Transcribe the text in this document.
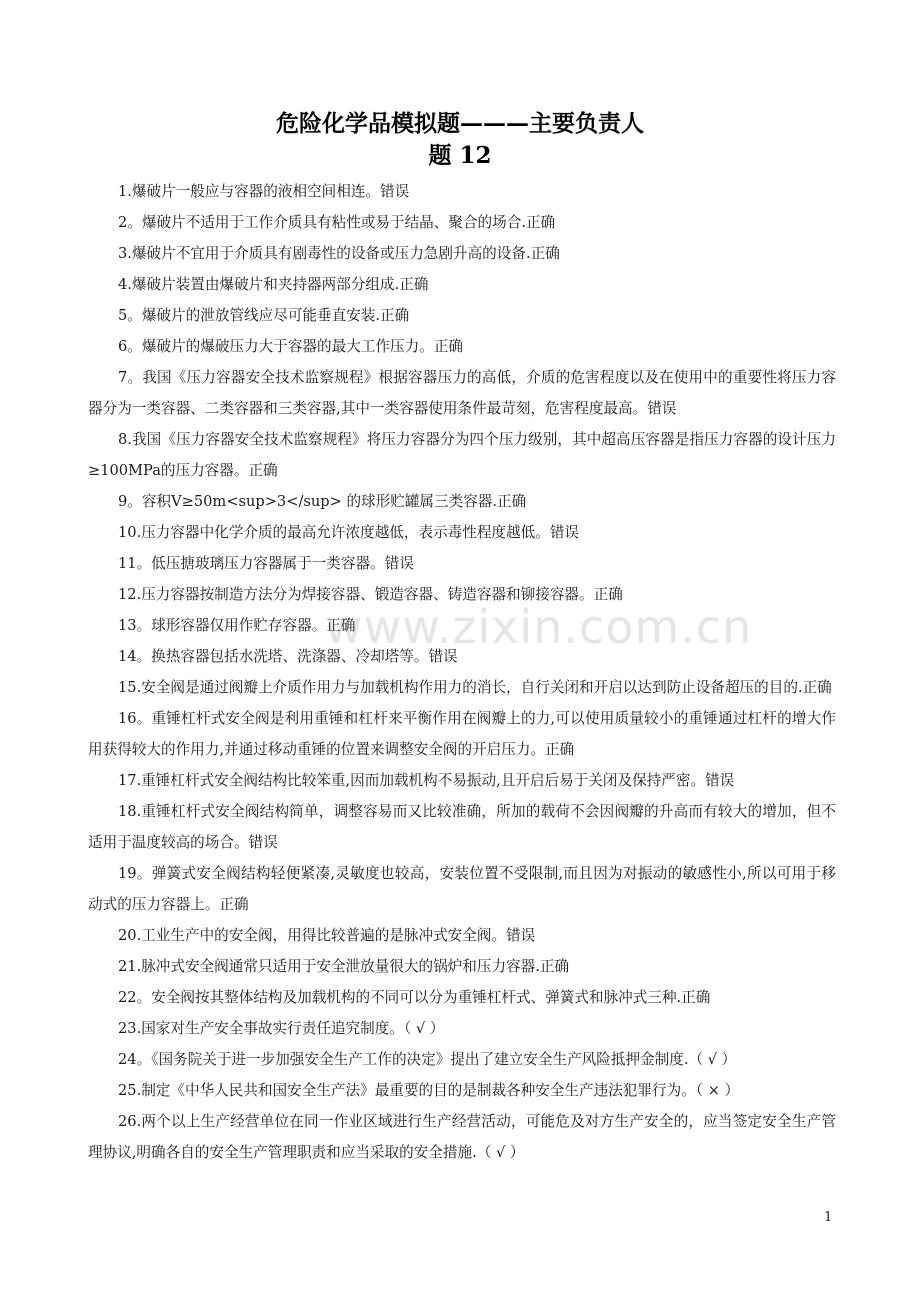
www.zixin.com.cn
危险化学品模拟题———主要负责人
题 12

1.爆破片一般应与容器的液相空间相连。错误

2。爆破片不适用于工作介质具有粘性或易于结晶、聚合的场合.正确

3.爆破片不宜用于介质具有剧毒性的设备或压力急剧升高的设备.正确

4.爆破片装置由爆破片和夹持器两部分组成.正确

5。爆破片的泄放管线应尽可能垂直安装.正确

6。爆破片的爆破压力大于容器的最大工作压力。正确

7。我国《压力容器安全技术监察规程》根据容器压力的高低，介质的危害程度以及在使用中的重要性将压力容器分为一类容器、二类容器和三类容器,其中一类容器使用条件最苛刻，危害程度最高。错误

8.我国《压力容器安全技术监察规程》将压力容器分为四个压力级别，其中超高压容器是指压力容器的设计压力≥100MPa的压力容器。正确

9。容积V≥50m<sup>3</sup> 的球形贮罐属三类容器.正确

10.压力容器中化学介质的最高允许浓度越低，表示毒性程度越低。错误

11。低压搪玻璃压力容器属于一类容器。错误

12.压力容器按制造方法分为焊接容器、锻造容器、铸造容器和铆接容器。正确

13。球形容器仅用作贮存容器。正确

14。换热容器包括水洗塔、洗涤器、冷却塔等。错误

15.安全阀是通过阀瓣上介质作用力与加载机构作用力的消长，自行关闭和开启以达到防止设备超压的目的.正确

16。重锤杠杆式安全阀是利用重锤和杠杆来平衡作用在阀瓣上的力,可以使用质量较小的重锤通过杠杆的增大作用获得较大的作用力,并通过移动重锤的位置来调整安全阀的开启压力。正确

17.重锤杠杆式安全阀结构比较笨重,因而加载机构不易振动,且开启后易于关闭及保持严密。错误

18.重锤杠杆式安全阀结构简单，调整容易而又比较准确，所加的载荷不会因阀瓣的升高而有较大的增加，但不适用于温度较高的场合。错误

19。弹簧式安全阀结构轻便紧凑,灵敏度也较高，安装位置不受限制,而且因为对振动的敏感性小,所以可用于移动式的压力容器上。正确

20.工业生产中的安全阀，用得比较普遍的是脉冲式安全阀。错误

21.脉冲式安全阀通常只适用于安全泄放量很大的锅炉和压力容器.正确

22。安全阀按其整体结构及加载机构的不同可以分为重锤杠杆式、弹簧式和脉冲式三种.正确

23.国家对生产安全事故实行责任追究制度。（ √ ）

24。《国务院关于进一步加强安全生产工作的决定》提出了建立安全生产风险抵押金制度.（ √ ）

25.制定《中华人民共和国安全生产法》最重要的目的是制裁各种安全生产违法犯罪行为。（ × ）

26.两个以上生产经营单位在同一作业区域进行生产经营活动，可能危及对方生产安全的，应当签定安全生产管理协议,明确各自的安全生产管理职责和应当采取的安全措施.（ √ ）

1
